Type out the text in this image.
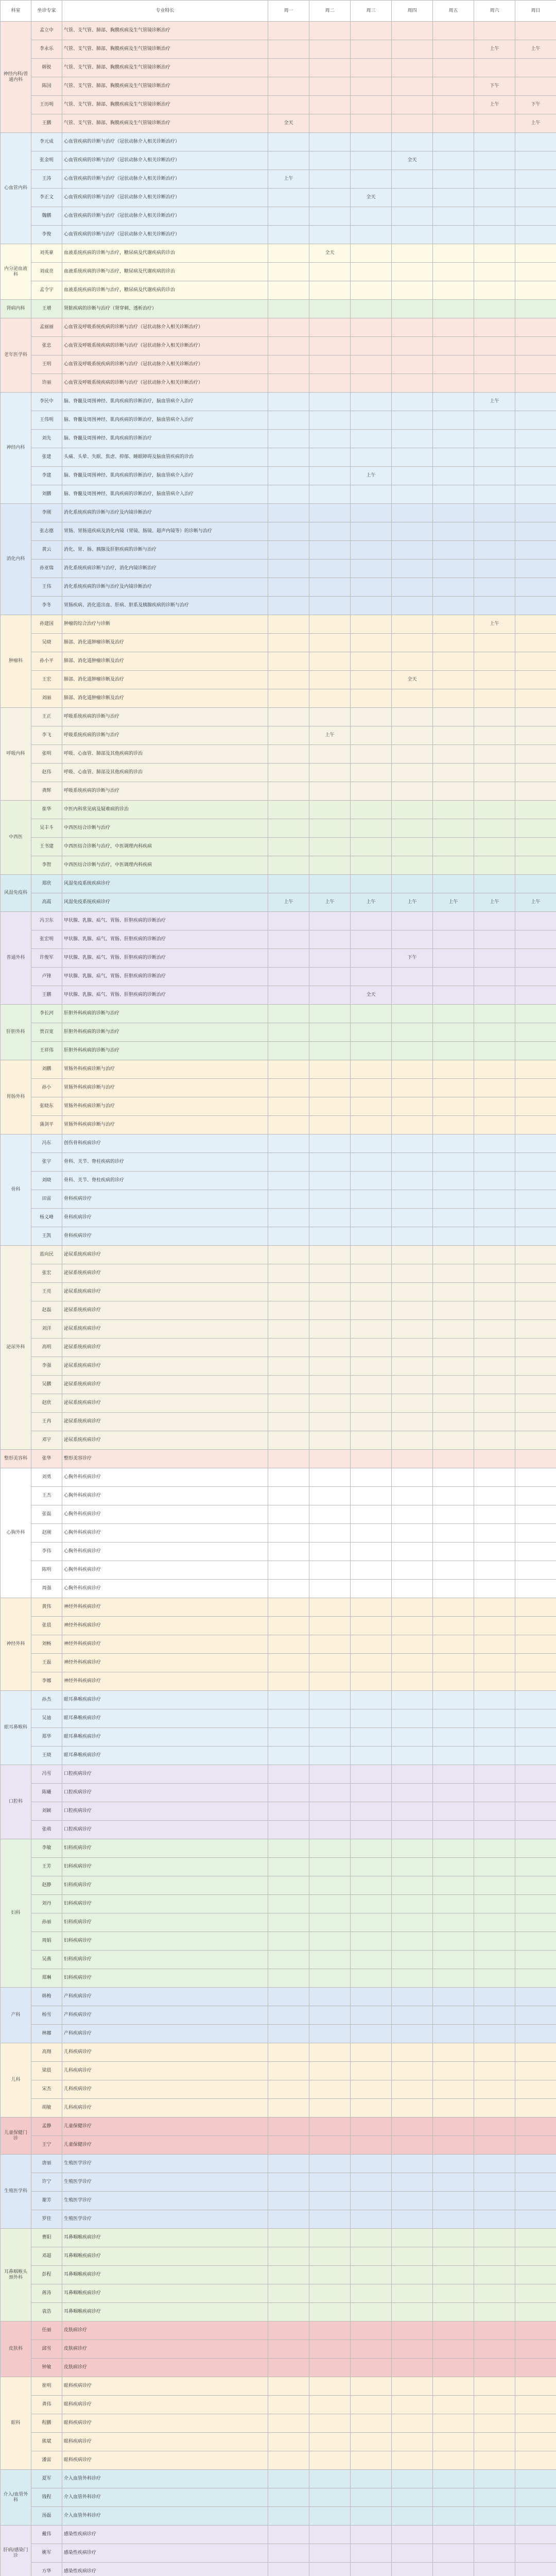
科室	坐诊专家	专业特长	周一	周二	周三	周四	周五	周六	周日
神经内科/普通内科	孟立中	气管、支气管、肺部、胸膜疾病及生气管镜诊断治疗							
	李永乐	气管、支气管、肺部、胸膜疾病及生气管镜诊断治疗						上午	上午
	韩锐	气管、支气管、肺部、胸膜疾病及生气管镜诊断治疗							
	陈国	气管、支气管、肺部、胸膜疾病及生气管镜诊断治疗						下午	
	王历明	气管、支气管、肺部、胸膜疾病及生气管镜诊断治疗						上午	下午
	王鹏	气管、支气管、肺部、胸膜疾病及生气管镜诊断治疗	全天						上午
心血管内科	李元成	心血管疾病的诊断与治疗（冠状动脉介入相关诊断治疗）							
	张金明	心血管疾病的诊断与治疗（冠状动脉介入相关诊断治疗）				全天			
	王涛	心血管疾病的诊断与治疗（冠状动脉介入相关诊断治疗）	上午						
	李正文	心血管疾病的诊断与治疗（冠状动脉介入相关诊断治疗）			全天				
	魏鹏	心血管疾病的诊断与治疗（冠状动脉介入相关诊断治疗）							
	李俊	心血管疾病的诊断与治疗（冠状动脉介入相关诊断治疗）							
内分泌血液科	刘英豪	血液系统疾病的诊断与治疗，糖尿病及代谢疾病的诊治		全天					
	刘成亮	血液系统疾病的诊断与治疗，糖尿病及代谢疾病的诊治							
	孟令宇	血液系统疾病的诊断与治疗，糖尿病及代谢疾病的诊治							
肾病内科	王增	肾脏疾病的诊断与治疗（肾穿刺、透析治疗）							
老年医学科	孟丽丽	心血管及呼吸系统疾病的诊断与治疗（冠状动脉介入相关诊断治疗）							
	张忠	心血管及呼吸系统疾病的诊断与治疗（冠状动脉介入相关诊断治疗）							
	王明	心血管及呼吸系统疾病的诊断与治疗（冠状动脉介入相关诊断治疗）							
	许丽	心血管及呼吸系统疾病的诊断与治疗（冠状动脉介入相关诊断治疗）							
神经内科	李民中	脑、脊髓及周围神经、肌肉疾病的诊断治疗，脑血管病介入治疗						上午	
	王伟明	脑、脊髓及周围神经、肌肉疾病的诊断治疗，脑血管病介入治疗							
	刘先	脑、脊髓及周围神经、肌肉疾病的诊断治疗							
	张建	头痛、头晕、失眠、焦虑、抑郁、睡眠障碍及脑血管疾病的诊治							
	李建	脑、脊髓及周围神经、肌肉疾病的诊断治疗，脑血管病介入治疗			上午				
	刘鹏	脑、脊髓及周围神经、肌肉疾病的诊断治疗，脑血管病介入治疗							
消化内科	李刚	消化系统疾病的诊断与治疗及内镜诊断治疗							
	张志德	胃肠、胃肠道疾病及消化内镜（胃镜、肠镜、超声内镜等）的诊断与治疗							
	黄云	消化、胃、肠、胰腺及肝胆疾病的诊断与治疗							
	孙亚瑞	消化系统疾病诊断与治疗，消化内镜诊断治疗							
	王伟	消化系统疾病的诊断与治疗及内镜诊断治疗							
	李冬	胃肠疾病、消化道出血、肝病、胆系及胰腺疾病的诊断与治疗							
肿瘤科	孙建国	肿瘤的综合治疗与诊断						上午	
	吴晓	肺部、消化道肿瘤诊断及治疗							
	孙小平	肺部、消化道肿瘤诊断及治疗							
	王宏	肺部、消化道肿瘤诊断及治疗				全天			
	刘丽	肺部、消化道肿瘤诊断及治疗							
呼吸内科	王正	呼吸系统疾病的诊断与治疗							
	李飞	呼吸系统疾病的诊断与治疗		上午					
	张明	呼吸、心血管、肺部及其他疾病的诊治							
	赵伟	呼吸、心血管、肺部及其他疾病的诊治							
	龚辉	呼吸系统疾病的诊断与治疗							
中西医	崔华	中医内科常见病及疑难病的诊治							
	吴丰斗	中西医结合诊断与治疗							
	王书建	中西医结合诊断与治疗，中医调理内科疾病							
	李智	中西医结合诊断与治疗，中医调理内科疾病							
风湿免疫科	郑欣	风湿免疫系统疾病诊疗							
	高霞	风湿免疫系统疾病诊疗	上午	上午	上午	上午	上午	上午	上午
普通外科	冯卫东	甲状腺、乳腺、疝气、胃肠、肝胆疾病的诊断治疗							
	张宏明	甲状腺、乳腺、疝气、胃肠、肝胆疾病的诊断治疗							
	许俊军	甲状腺、乳腺、疝气、胃肠、肝胆疾病的诊断治疗				下午			
	卢锋	甲状腺、乳腺、疝气、胃肠、肝胆疾病的诊断治疗							
	王鹏	甲状腺、乳腺、疝气、胃肠、肝胆疾病的诊断治疗			全天				
肝胆外科	李长河	肝胆外科疾病的诊断与治疗							
	贾召宽	肝胆外科疾病的诊断与治疗							
	王祥伟	肝胆外科疾病的诊断与治疗							
胃肠外科	刘鹏	胃肠外科疾病诊断与治疗							
	孙小	胃肠外科疾病诊断与治疗							
	张晓东	胃肠外科疾病诊断与治疗							
	蒲剑平	胃肠外科疾病诊断与治疗							
骨科	冯东	创伤骨科疾病诊疗							
	张宇	骨科、关节、脊柱疾病的诊疗							
	刘晓	骨科、关节、脊柱疾病的诊疗							
	田雷	骨科疾病诊疗							
	杨义峰	骨科疾病诊疗							
	王凯	骨科疾病诊疗							
泌尿外科	蓝向民	泌尿系统疾病诊疗							
	张宏	泌尿系统疾病诊疗							
	王亮	泌尿系统疾病诊疗							
	赵磊	泌尿系统疾病诊疗							
	刘洋	泌尿系统疾病诊疗							
	高明	泌尿系统疾病诊疗							
	李强	泌尿系统疾病诊疗							
	吴鹏	泌尿系统疾病诊疗							
	赵欣	泌尿系统疾病诊疗							
	王冉	泌尿系统疾病诊疗							
	邓宇	泌尿系统疾病诊疗							
整形美容科	张华	整形美容诊疗							
心胸外科	刘勇	心胸外科疾病诊疗							
	王杰	心胸外科疾病诊疗							
	张磊	心胸外科疾病诊疗							
	赵刚	心胸外科疾病诊疗							
	李伟	心胸外科疾病诊疗							
	陈明	心胸外科疾病诊疗							
	周强	心胸外科疾病诊疗							
神经外科	黄伟	神经外科疾病诊疗							
	张晨	神经外科疾病诊疗							
	刘畅	神经外科疾病诊疗							
	王磊	神经外科疾病诊疗							
	李娜	神经外科疾病诊疗							
眼耳鼻喉科	孙杰	眼耳鼻喉疾病诊疗							
	吴迪	眼耳鼻喉疾病诊疗							
	郑华	眼耳鼻喉疾病诊疗							
	王晓	眼耳鼻喉疾病诊疗							
口腔科	冯雪	口腔疾病诊疗							
	陈曦	口腔疾病诊疗							
	刘颖	口腔疾病诊疗							
	张萌	口腔疾病诊疗							
妇科	李敏	妇科疾病诊疗							
	王芳	妇科疾病诊疗							
	赵静	妇科疾病诊疗							
	刘丹	妇科疾病诊疗							
	孙丽	妇科疾病诊疗							
	周娟	妇科疾病诊疗							
	吴燕	妇科疾病诊疗							
	郑琳	妇科疾病诊疗							
产科	韩梅	产科疾病诊疗							
	杨雪	产科疾病诊疗							
	林娜	产科疾病诊疗							
儿科	高翔	儿科疾病诊疗							
	梁晨	儿科疾病诊疗							
	宋杰	儿科疾病诊疗							
	胡敏	儿科疾病诊疗							
儿童保健门诊	孟静	儿童保健诊疗							
	王宁	儿童保健诊疗							
生殖医学科	唐丽	生殖医学诊疗							
	许宁	生殖医学诊疗							
	谢芳	生殖医学诊疗							
	罗佳	生殖医学诊疗							
耳鼻咽喉头颈外科	曹阳	耳鼻咽喉疾病诊疗							
	邓超	耳鼻咽喉疾病诊疗							
	彭程	耳鼻咽喉疾病诊疗							
	蒋涛	耳鼻咽喉疾病诊疗							
	袁浩	耳鼻咽喉疾病诊疗							
皮肤科	任丽	皮肤病诊疗							
	邱雪	皮肤病诊疗							
	钟敏	皮肤病诊疗							
眼科	崔明	眼科疾病诊疗							
	龚伟	眼科疾病诊疗							
	程鹏	眼科疾病诊疗							
	熊斌	眼科疾病诊疗							
	潘雷	眼科疾病诊疗							
介入/血管外科	夏军	介入血管外科诊疗							
	钱程	介入血管外科诊疗							
	汤磊	介入血管外科诊疗							
肝病/感染门诊	戴伟	感染性疾病诊疗							
	姚军	感染性疾病诊疗							
	方华	感染性疾病诊疗							
